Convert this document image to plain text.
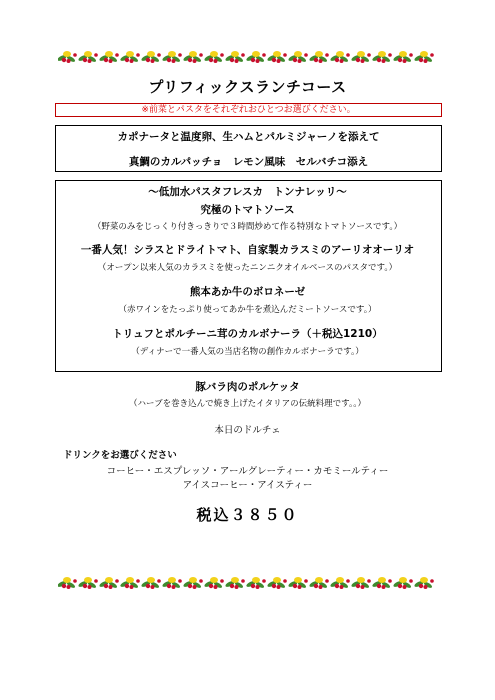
プリフィックスランチコース
※前菜とパスタをそれぞれおひとつお選びください。
カポナータと温度卵、生ハムとパルミジャーノを添えて
真鯛のカルパッチョ　レモン風味　セルバチコ添え
～低加水パスタフレスカ　トンナレッリ～
究極のトマトソース
（野菜のみをじっくり付きっきりで３時間炒めて作る特別なトマトソースです。）
一番人気！シラスとドライトマト、自家製カラスミのアーリオオーリオ
（オープン以来人気のカラスミを使ったニンニクオイルベースのパスタです。）
熊本あか牛のボロネーゼ
（赤ワインをたっぷり使ってあか牛を煮込んだミートソースです。）
トリュフとポルチーニ茸のカルボナーラ（＋税込1210）
（ディナーで一番人気の当店名物の創作カルボナーラです。）
豚バラ肉のポルケッタ
（ハーブを巻き込んで焼き上げたイタリアの伝統料理です。。）
本日のドルチェ
ドリンクをお選びください
コーヒー・エスプレッソ・アールグレーティー・カモミールティー
アイスコーヒー・アイスティー
税込３８５０
